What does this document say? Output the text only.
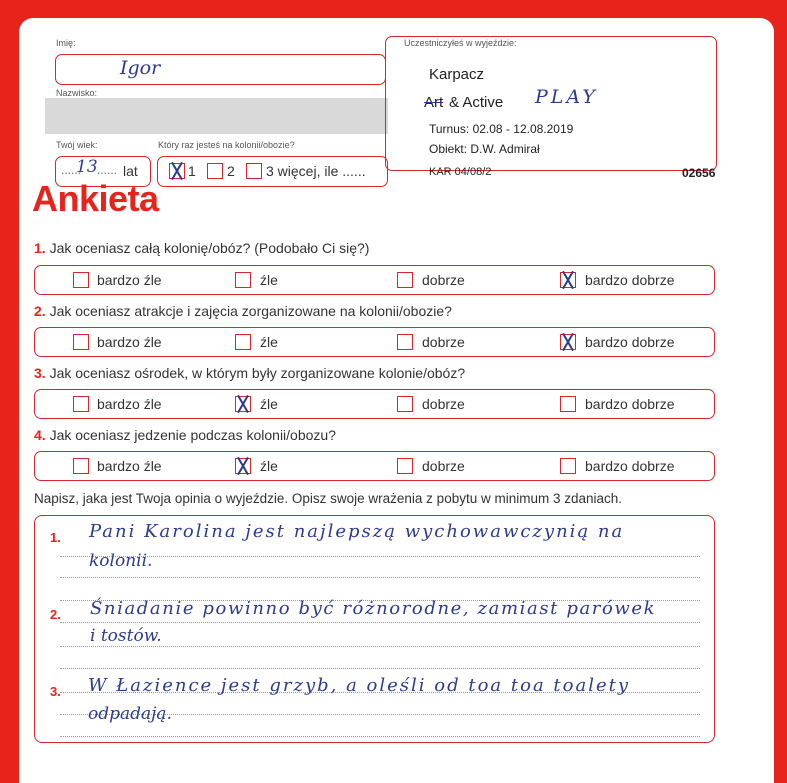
Imię:
Igor
Nazwisko:
Twój wiek:
......
13 ...... lat
Który raz jesteś na kolonii/obozie?
1 2 3 więcej, ile ......
Uczestniczyłeś w wyjeździe:
Karpacz
Art & Active PLAY
Turnus: 02.08 - 12.08.2019
Obiekt: D.W. Admirał
KAR 04/08/2	02656
Ankieta
1. Jak oceniasz całą kolonię/obóz? (Podobało Ci się?)
bardzo źle	źle	dobrze	bardzo dobrze
2. Jak oceniasz atrakcje i zajęcia zorganizowane na kolonii/obozie?
bardzo źle	źle	dobrze	bardzo dobrze
3. Jak oceniasz ośrodek, w którym były zorganizowane kolonie/obóz?
bardzo źle	źle	dobrze	bardzo dobrze
4. Jak oceniasz jedzenie podczas kolonii/obozu?
bardzo źle	źle	dobrze	bardzo dobrze
Napisz, jaka jest Twoja opinia o wyjeździe. Opisz swoje wrażenia z pobytu w minimum 3 zdaniach.
1. Pani Karolina jest najlepszą wychowawczynią na
kolonii.
2. Śniadanie powinno być różnorodne, zamiast parówek
i tostów.
3. W Łazience jest grzyb, a oleśli od toa toa toalety
odpadają.
